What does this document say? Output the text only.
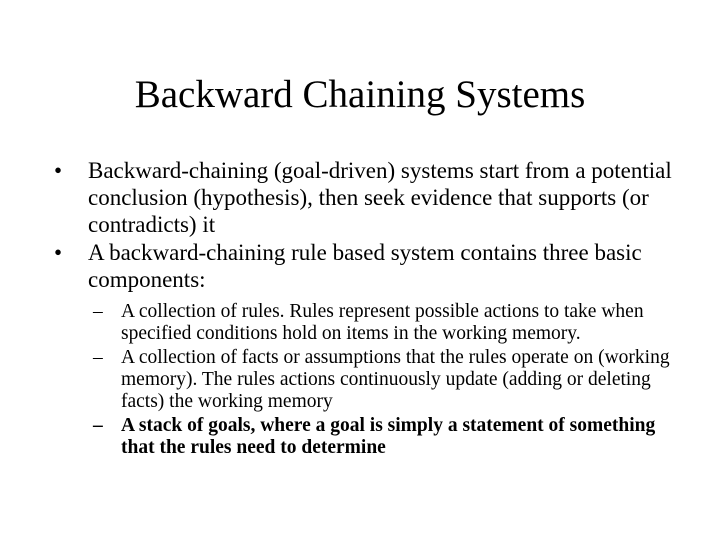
Backward Chaining Systems
•	Backward-chaining (goal-driven) systems start from a potential conclusion (hypothesis), then seek evidence that supports (or contradicts) it
•	A backward-chaining rule based system contains three basic components:
– A collection of rules. Rules represent possible actions to take when specified conditions hold on items in the working memory.
– A collection of facts or assumptions that the rules operate on (working memory). The rules actions continuously update (adding or deleting facts) the working memory
– A stack of goals, where a goal is simply a statement of something that the rules need to determine
